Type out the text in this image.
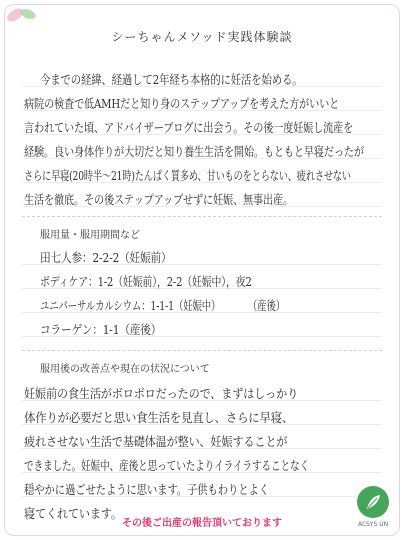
シーちゃんメソッド実践体験談
今までの経緯、経過して2年経ち本格的に妊活を始める。
病院の検査で低AMHだと知り身のステップアップを考えた方がいいと
言われていた頃、アドバイザーブログに出会う。その後一度妊娠し流産を
経験。良い身体作りが大切だと知り養生生活を開始。もともと早寝だったが
さらに早寝(20時半～21時)たんぱく質多め、甘いものをとらない、疲れさせない
生活を徹底。その後ステップアップせずに妊娠、無事出産。
服用量・服用期間など
田七人参：2-2-2（妊娠前）
ボディケア：1-2（妊娠前），2-2（妊娠中），夜2
ユニバーサルカルシウム：1-1-1（妊娠中）　　　　（産後）
コラーゲン：1-1（産後）
服用後の改善点や現在の状況について
妊娠前の食生活がボロボロだったので、まずはしっかり
体作りが必要だと思い食生活を見直し、さらに早寝、
疲れさせない生活で基礎体温が整い、妊娠することが
できました。妊娠中、産後と思っていたよりイライラすることなく
穏やかに過ごせたように思います。子供もわりとよく
寝てくれています。
その後ご出産の報告頂いております	ACSYS UN
